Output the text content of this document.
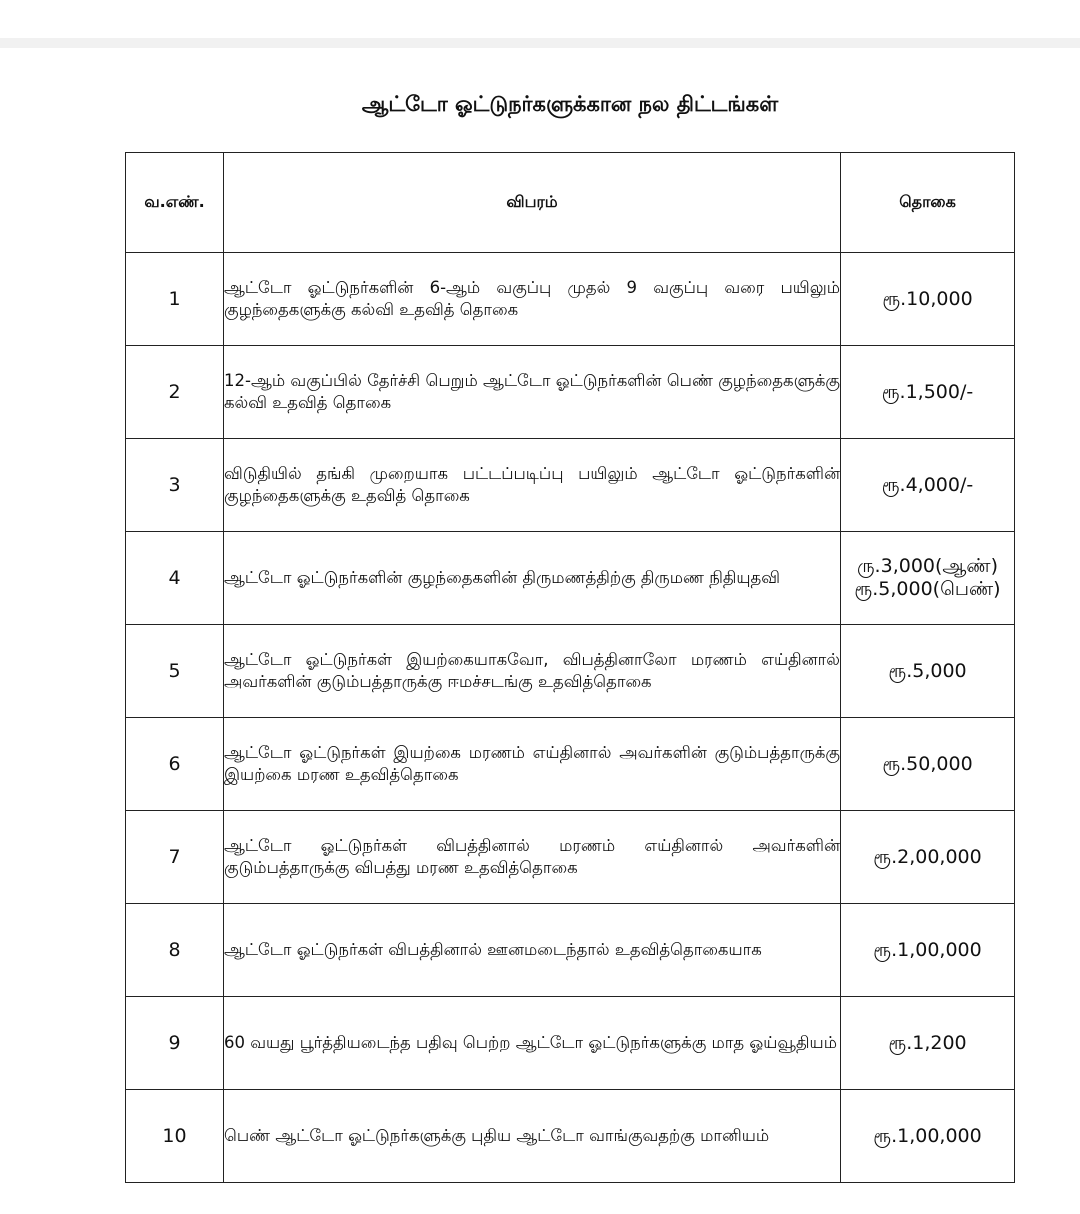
ஆட்டோ ஓட்டுநர்களுக்கான நல திட்டங்கள்
வ.எண்.	விபரம்	தொகை
1	ஆட்டோ ஓட்டுநர்களின் 6-ஆம் வகுப்பு முதல் 9 வகுப்பு வரை பயிலும் குழந்தைகளுக்கு கல்வி உதவித் தொகை	ரூ.10,000

2	12-ஆம் வகுப்பில் தேர்ச்சி பெறும் ஆட்டோ ஓட்டுநர்களின் பெண் குழந்தைகளுக்கு கல்வி உதவித் தொகை	ரூ.1,500/-

3	விடுதியில் தங்கி முறையாக பட்டப்படிப்பு பயிலும் ஆட்டோ ஓட்டுநர்களின் குழந்தைகளுக்கு உதவித் தொகை	ரூ.4,000/-

4	ஆட்டோ ஓட்டுநர்களின் குழந்தைகளின் திருமணத்திற்கு திருமண நிதியுதவி	ரு.3,000(ஆண்)
ரூ.5,000(பெண்)

5	ஆட்டோ ஓட்டுநர்கள் இயற்கையாகவோ, விபத்தினாலோ மரணம் எய்தினால் அவர்களின் குடும்பத்தாருக்கு ஈமச்சடங்கு உதவித்தொகை	ரூ.5,000

6	ஆட்டோ ஓட்டுநர்கள் இயற்கை மரணம் எய்தினால் அவர்களின் குடும்பத்தாருக்கு இயற்கை மரண உதவித்தொகை	ரூ.50,000

7	ஆட்டோ ஓட்டுநர்கள் விபத்தினால் மரணம் எய்தினால் அவர்களின் குடும்பத்தாருக்கு விபத்து மரண உதவித்தொகை	ரூ.2,00,000

8	ஆட்டோ ஓட்டுநர்கள் விபத்தினால் ஊனமடைந்தால் உதவித்தொகையாக	ரூ.1,00,000

9	60 வயது பூர்த்தியடைந்த பதிவு பெற்ற ஆட்டோ ஓட்டுநர்களுக்கு மாத ஓய்வூதியம்	ரூ.1,200

10	பெண் ஆட்டோ ஓட்டுநர்களுக்கு புதிய ஆட்டோ வாங்குவதற்கு மானியம்	ரூ.1,00,000
